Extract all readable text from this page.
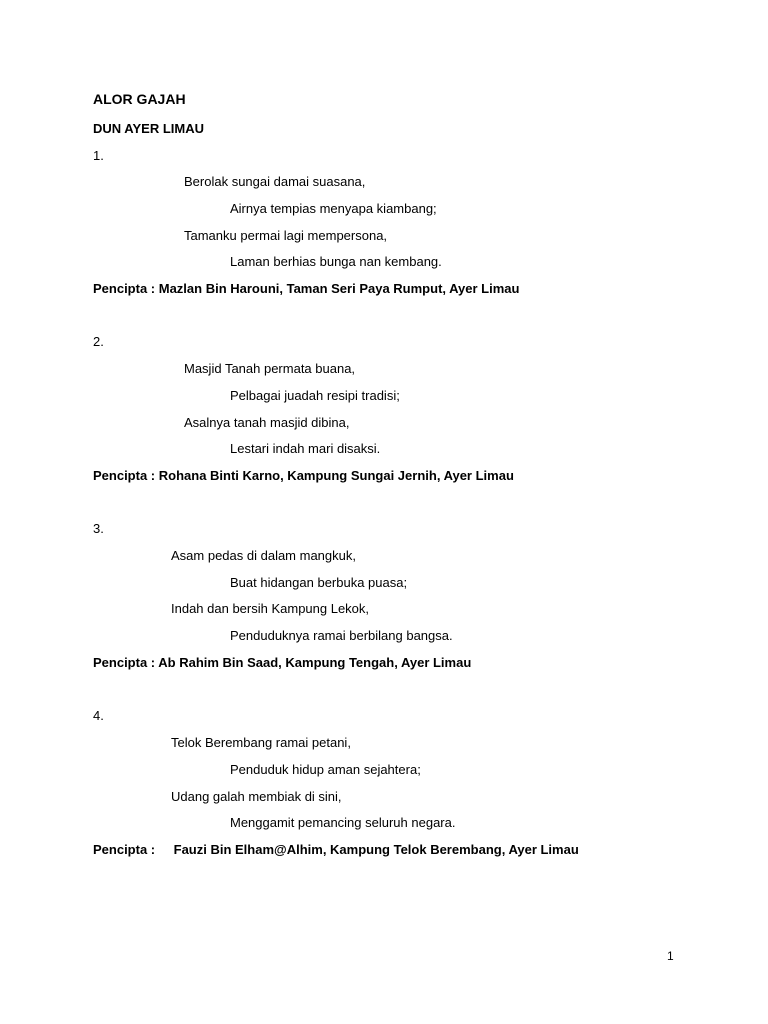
ALOR GAJAH
DUN AYER LIMAU
1.
Berolak sungai damai suasana,
Airnya tempias menyapa kiambang;
Tamanku permai lagi mempersona,
Laman berhias bunga nan kembang.
Pencipta : Mazlan Bin Harouni, Taman Seri Paya Rumput, Ayer Limau
2.
Masjid Tanah permata buana,
Pelbagai juadah resipi tradisi;
Asalnya tanah masjid dibina,
Lestari indah mari disaksi.
Pencipta : Rohana Binti Karno, Kampung Sungai Jernih, Ayer Limau
3.
Asam pedas di dalam mangkuk,
Buat hidangan berbuka puasa;
Indah dan bersih Kampung Lekok,
Penduduknya ramai berbilang bangsa.
Pencipta : Ab Rahim Bin Saad, Kampung Tengah, Ayer Limau
4.
Telok Berembang ramai petani,
Penduduk hidup aman sejahtera;
Udang galah membiak di sini,
Menggamit pemancing seluruh negara.
Pencipta : Fauzi Bin Elham@Alhim, Kampung Telok Berembang, Ayer Limau
1
